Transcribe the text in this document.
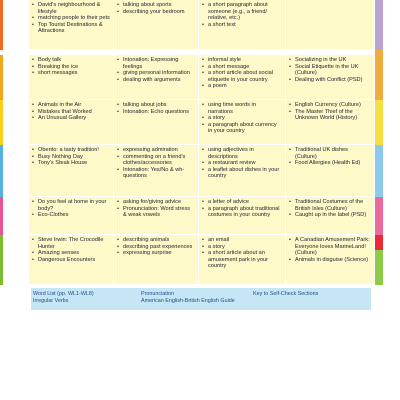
• David's neighbourhood & lifestyle
• matching people to their pets
• Top Tourist Destinations & Attractions
• talking about sports
• describing your bedroom
• a short paragraph about someone (e.g., a friend/ relative, etc.)
• a short text
• Body talk
• Breaking the ice
• short messages
• Intonation: Expressing feelings
• giving personal information
• dealing with arguments
• informal style
• a short message
• a short article about social etiquette in your country
• a poem
• Socializing in the UK
• Social Etiquette in the UK (Culture)
• Dealing with Conflict (PSD)
• Animals in the Air
• Mistakes that Worked
• An Unusual Gallery
• talking about jobs
• Intonation: Echo questions
• using time words in narrations
• a story
• a paragraph about currency in your country
• English Currency (Culture)
• The Master Thief of the Unknown World (History)
• Obento: a tasty tradition!
• Busy Nothing Day
• Tony's Steak House
• expressing admiration
• commenting on a friend's clothes/accessories
• Intonation: Yes/No & wh-questions
• using adjectives in descriptions
• a restaurant review
• a leaflet about dishes in your country
• Traditional UK dishes (Culture)
• Food Allergies (Health Ed)
• Do you feel at home in your body?
• Eco-Clothes
• asking for/giving advice
• Pronunciation: Word stress & weak vowels
• a letter of advice
• a paragraph about traditional costumes in your country
• Traditional Costumes of the British Isles (Culture)
• Caught up in the label (PSD)
• Steve Irwin: The Crocodile Hunter
• Amazing senses
• Dangerous Encounters
• describing animals
• describing past experiences
• expressing surprise
• an email
• a story
• a short article about an amusement park in your country
• A Canadian Amusement Park: Everyone loves MarineLand! (Culture)
• Animals in disguise (Science)
Word List (pp. WL1-WL8)
Irregular Verbs
Pronunciation
American English-British English Guide
Key to Self-Check Sections
